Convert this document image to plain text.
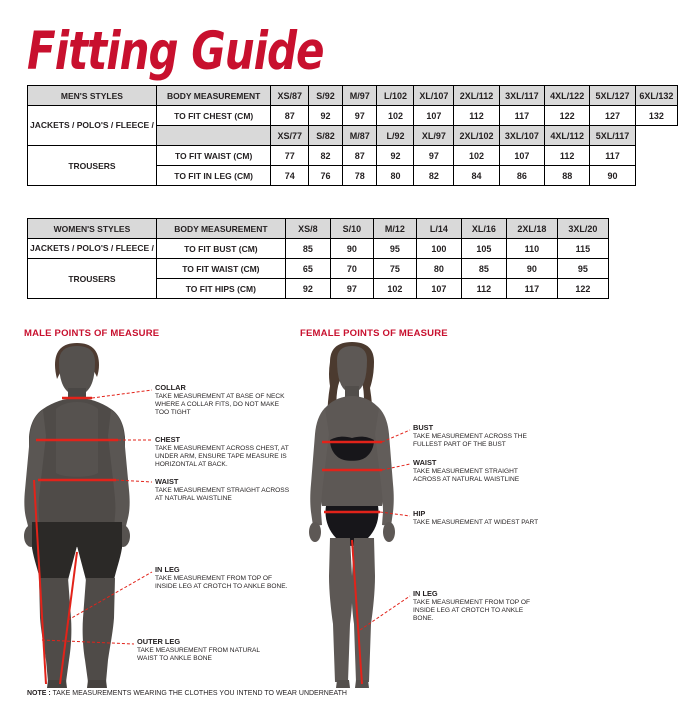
Fitting Guide
MEN'S STYLES	BODY MEASUREMENT	XS/87	S/92	M/97	L/102	XL/107	2XL/112	3XL/117	4XL/122	5XL/127	6XL/132
JACKETS / POLO'S / FLEECE /	TO FIT CHEST (CM)	87	92	97	102	107	112	117	122	127	132
		XS/77	S/82	M/87	L/92	XL/97	2XL/102	3XL/107	4XL/112	5XL/117	
TROUSERS	TO FIT WAIST (CM)	77	82	87	92	97	102	107	112	117	
	TO FIT IN LEG (CM)	74	76	78	80	82	84	86	88	90	
WOMEN'S STYLES	BODY MEASUREMENT	XS/8	S/10	M/12	L/14	XL/16	2XL/18	3XL/20
JACKETS / POLO'S / FLEECE /	TO FIT BUST (CM)	85	90	95	100	105	110	115
TROUSERS	TO FIT WAIST (CM)	65	70	75	80	85	90	95
	TO FIT HIPS (CM)	92	97	102	107	112	117	122
MALE POINTS OF MEASURE	FEMALE POINTS OF MEASURE
COLLAR
TAKE MEASUREMENT AT BASE OF NECK WHERE A COLLAR FITS, DO NOT MAKE TOO TIGHT
CHEST
TAKE MEASUREMENT ACROSS CHEST, AT UNDER ARM, ENSURE TAPE MEASURE IS HORIZONTAL AT BACK.
WAIST
TAKE MEASUREMENT STRAIGHT ACROSS AT NATURAL WAISTLINE
IN LEG
TAKE MEASUREMENT FROM TOP OF INSIDE LEG AT CROTCH TO ANKLE BONE.
OUTER LEG
TAKE MEASUREMENT FROM NATURAL WAIST TO ANKLE BONE
BUST
TAKE MEASUREMENT ACROSS THE FULLEST PART OF THE BUST
WAIST
TAKE MEASUREMENT STRAIGHT ACROSS AT NATURAL WAISTLINE
HIP
TAKE MEASUREMENT AT WIDEST PART
IN LEG
TAKE MEASUREMENT FROM TOP OF INSIDE LEG AT CROTCH TO ANKLE BONE.
NOTE : TAKE MEASUREMENTS WEARING THE CLOTHES YOU INTEND TO WEAR UNDERNEATH
